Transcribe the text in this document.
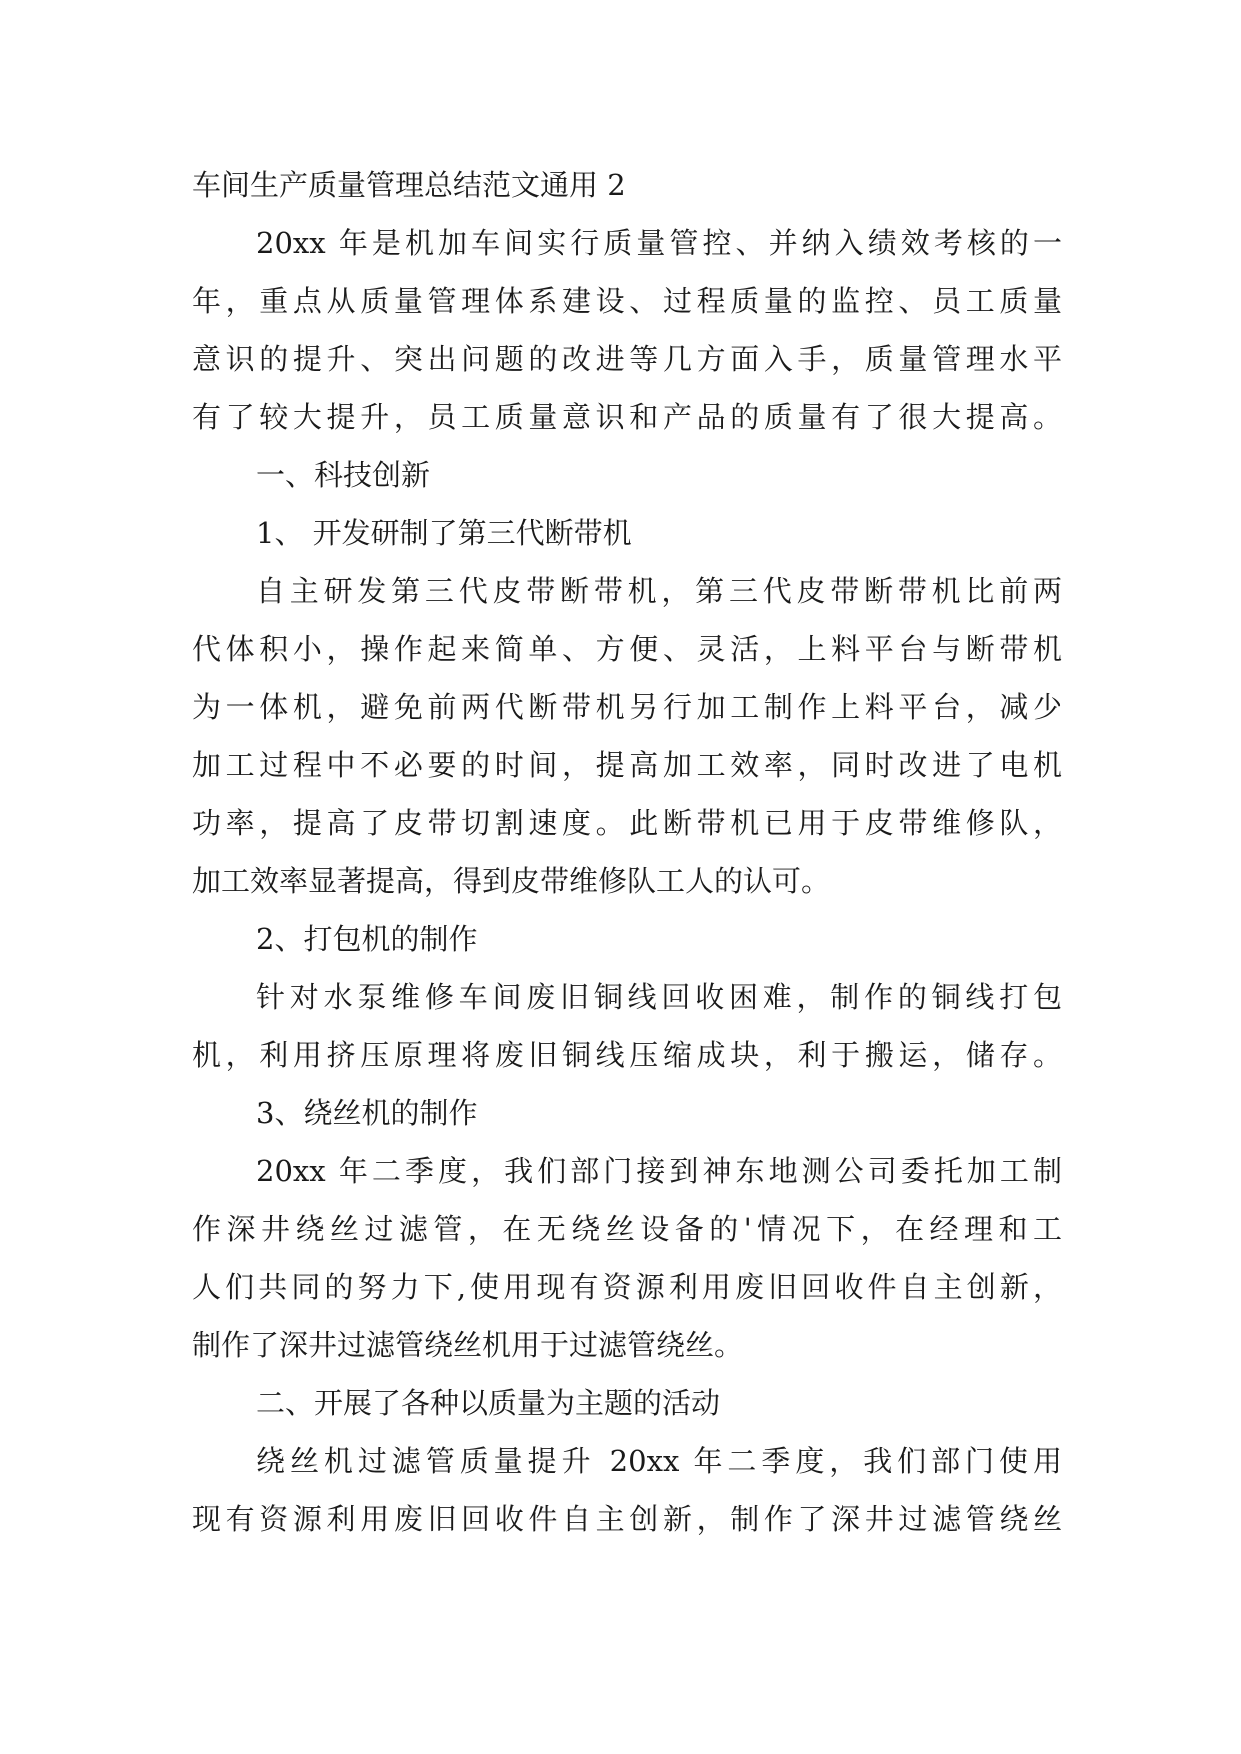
车间生产质量管理总结范文通用 2
20xx 年是机加车间实行质量管控、并纳入绩效考核的一
年，重点从质量管理体系建设、过程质量的监控、员工质量
意识的提升、突出问题的改进等几方面入手，质量管理水平
有了较大提升，员工质量意识和产品的质量有了很大提高。
一、科技创新
1、 开发研制了第三代断带机
自主研发第三代皮带断带机，第三代皮带断带机比前两
代体积小，操作起来简单、方便、灵活，上料平台与断带机
为一体机，避免前两代断带机另行加工制作上料平台，减少
加工过程中不必要的时间，提高加工效率，同时改进了电机
功率，提高了皮带切割速度。此断带机已用于皮带维修队，
加工效率显著提高，得到皮带维修队工人的认可。
2、打包机的制作
针对水泵维修车间废旧铜线回收困难，制作的铜线打包
机，利用挤压原理将废旧铜线压缩成块，利于搬运，储存。
3、绕丝机的制作
20xx 年二季度，我们部门接到神东地测公司委托加工制
作深井绕丝过滤管，在无绕丝设备的'情况下，在经理和工
人们共同的努力下,使用现有资源利用废旧回收件自主创新，
制作了深井过滤管绕丝机用于过滤管绕丝。
二、开展了各种以质量为主题的活动
绕丝机过滤管质量提升 20xx 年二季度，我们部门使用
现有资源利用废旧回收件自主创新，制作了深井过滤管绕丝
